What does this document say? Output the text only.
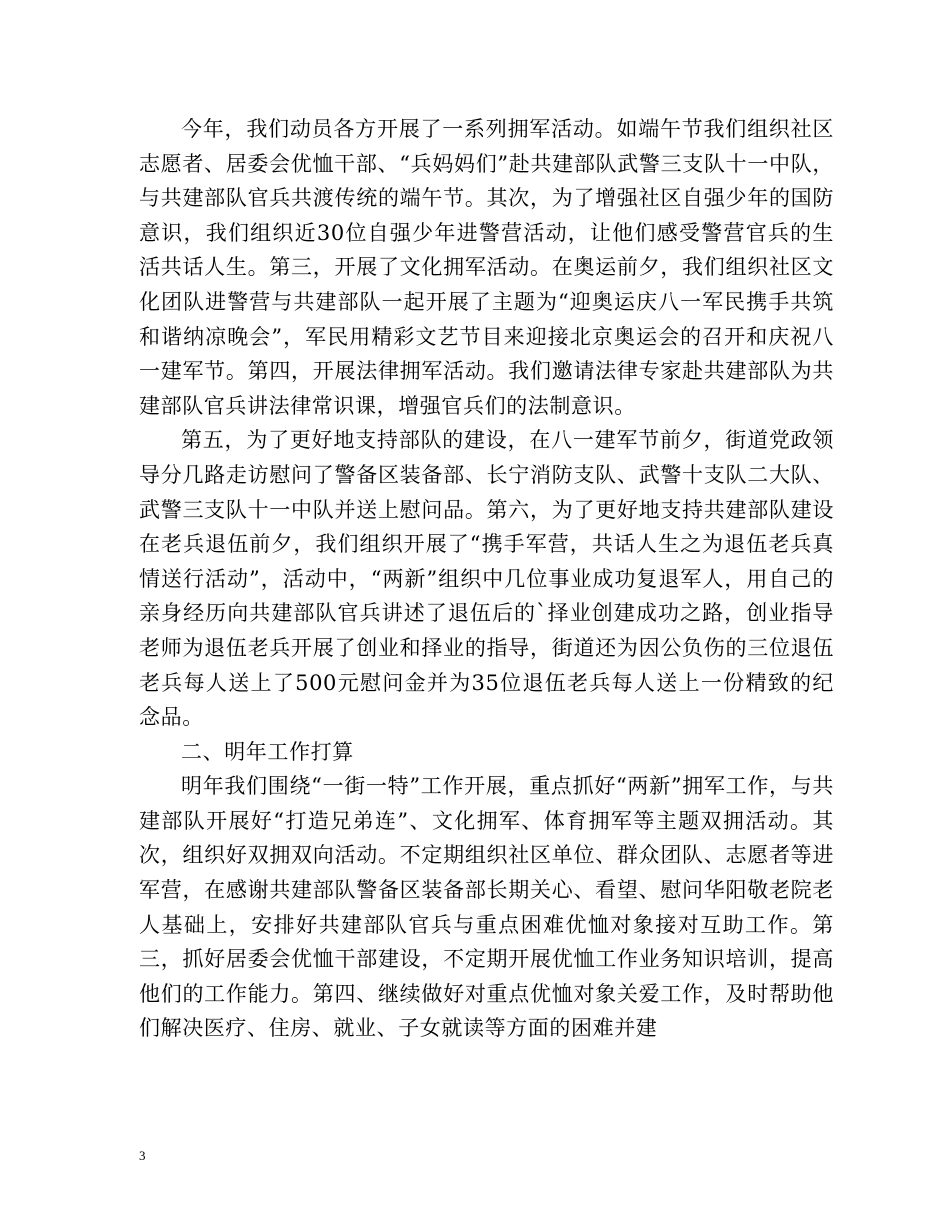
今年，我们动员各方开展了一系列拥军活动。如端午节我们组织社区志愿者、居委会优恤干部、“兵妈妈们”赴共建部队武警三支队十一中队，与共建部队官兵共渡传统的端午节。其次，为了增强社区自强少年的国防意识，我们组织近30位自强少年进警营活动，让他们感受警营官兵的生活共话人生。第三，开展了文化拥军活动。在奥运前夕，我们组织社区文化团队进警营与共建部队一起开展了主题为“迎奥运庆八一军民携手共筑和谐纳凉晚会”，军民用精彩文艺节目来迎接北京奥运会的召开和庆祝八一建军节。第四，开展法律拥军活动。我们邀请法律专家赴共建部队为共建部队官兵讲法律常识课，增强官兵们的法制意识。

第五，为了更好地支持部队的建设，在八一建军节前夕，街道党政领导分几路走访慰问了警备区装备部、长宁消防支队、武警十支队二大队、武警三支队十一中队并送上慰问品。第六，为了更好地支持共建部队建设在老兵退伍前夕，我们组织开展了“携手军营，共话人生之为退伍老兵真情送行活动”，活动中，“两新”组织中几位事业成功复退军人，用自己的亲身经历向共建部队官兵讲述了退伍后的`择业创建成功之路，创业指导老师为退伍老兵开展了创业和择业的指导，街道还为因公负伤的三位退伍老兵每人送上了500元慰问金并为35位退伍老兵每人送上一份精致的纪念品。

二、明年工作打算

明年我们围绕“一街一特”工作开展，重点抓好“两新”拥军工作，与共建部队开展好“打造兄弟连”、文化拥军、体育拥军等主题双拥活动。其次，组织好双拥双向活动。不定期组织社区单位、群众团队、志愿者等进军营，在感谢共建部队警备区装备部长期关心、看望、慰问华阳敬老院老人基础上，安排好共建部队官兵与重点困难优恤对象接对互助工作。第三，抓好居委会优恤干部建设，不定期开展优恤工作业务知识培训，提高他们的工作能力。第四、继续做好对重点优恤对象关爱工作，及时帮助他们解决医疗、住房、就业、子女就读等方面的困难并建

3
